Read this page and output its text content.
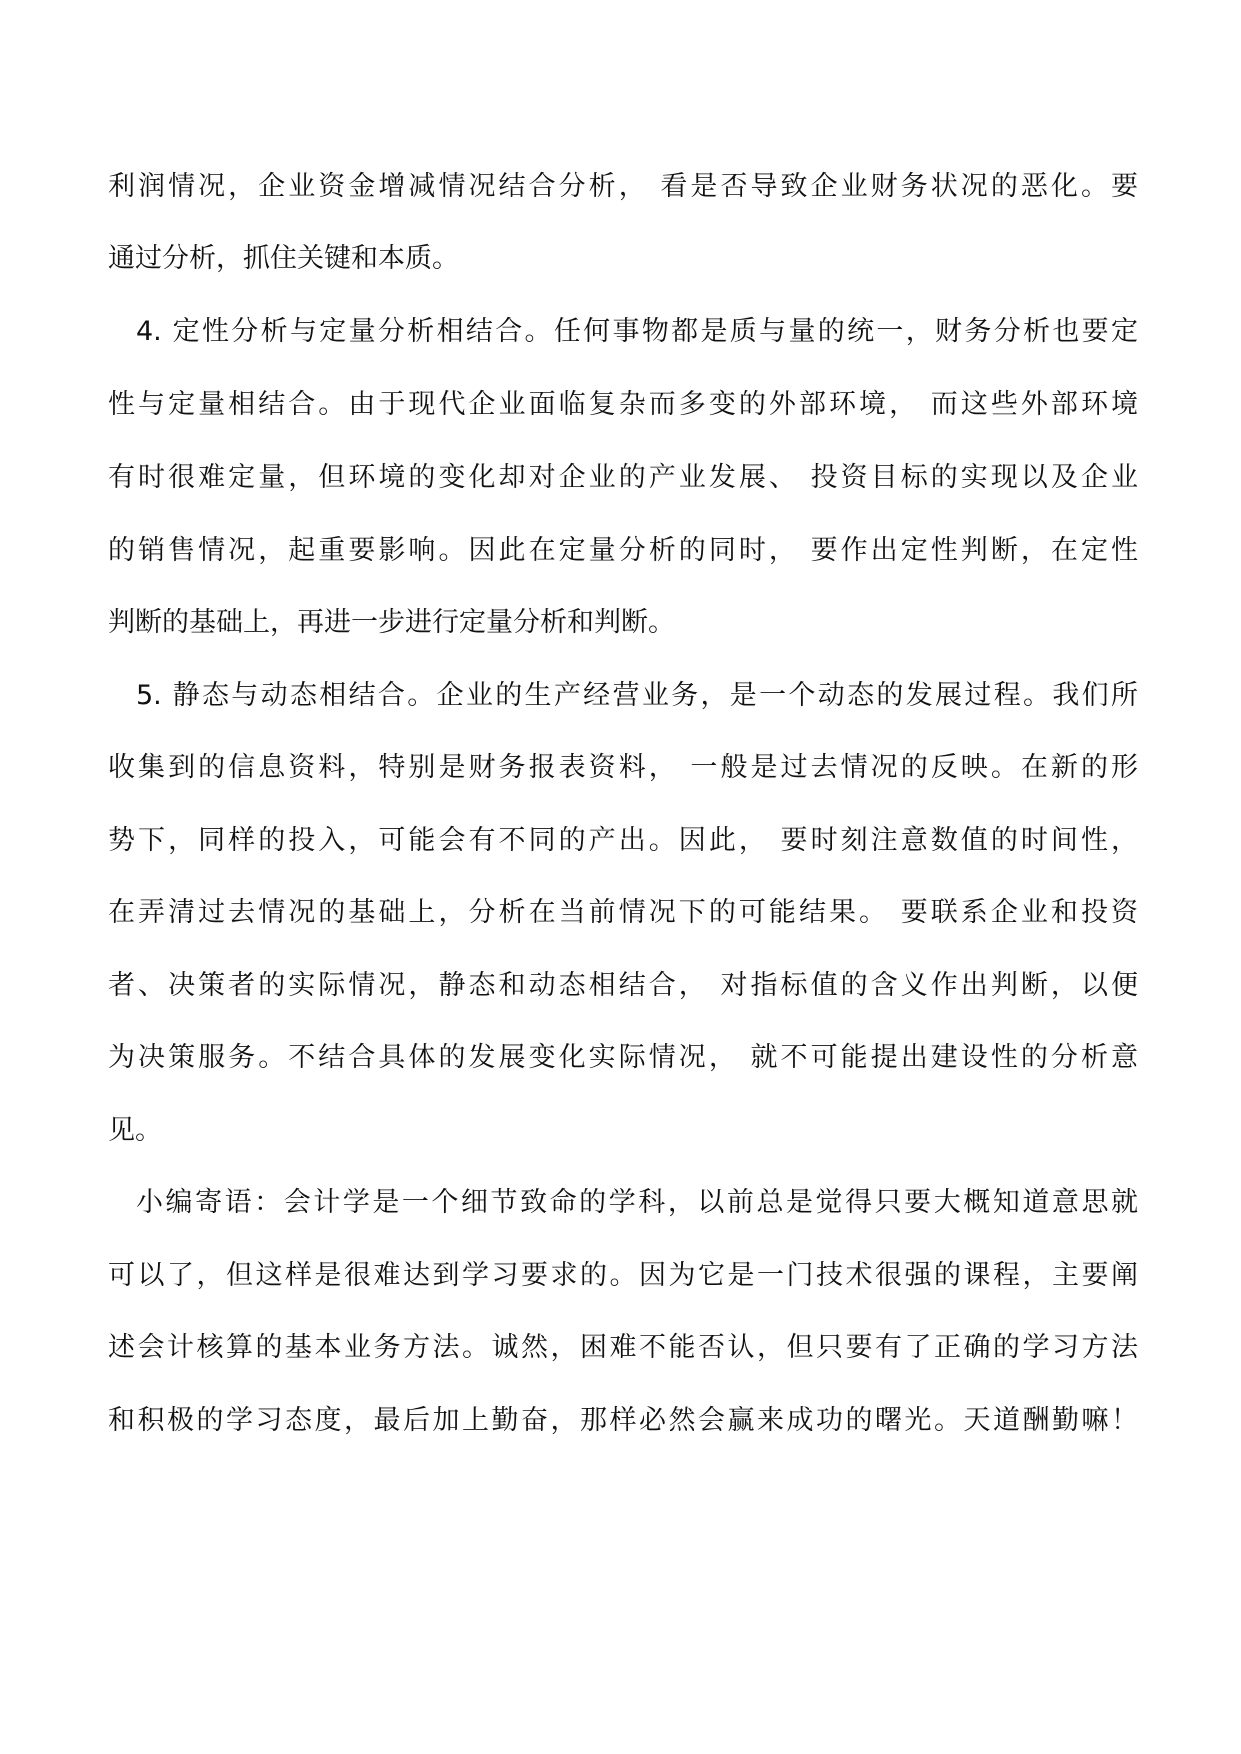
利润情况，企业资金增减情况结合分析， 看是否导致企业财务状况的恶化。要
通过分析，抓住关键和本质。
4. 定性分析与定量分析相结合。任何事物都是质与量的统一，财务分析也要定
性与定量相结合。由于现代企业面临复杂而多变的外部环境， 而这些外部环境
有时很难定量，但环境的变化却对企业的产业发展、 投资目标的实现以及企业
的销售情况，起重要影响。因此在定量分析的同时， 要作出定性判断，在定性
判断的基础上，再进一步进行定量分析和判断。
5. 静态与动态相结合。企业的生产经营业务，是一个动态的发展过程。我们所
收集到的信息资料，特别是财务报表资料， 一般是过去情况的反映。在新的形
势下，同样的投入，可能会有不同的产出。因此， 要时刻注意数值的时间性，
在弄清过去情况的基础上，分析在当前情况下的可能结果。 要联系企业和投资
者、决策者的实际情况，静态和动态相结合， 对指标值的含义作出判断，以便
为决策服务。不结合具体的发展变化实际情况， 就不可能提出建设性的分析意
见。
小编寄语：会计学是一个细节致命的学科，以前总是觉得只要大概知道意思就
可以了，但这样是很难达到学习要求的。因为它是一门技术很强的课程，主要阐
述会计核算的基本业务方法。诚然，困难不能否认，但只要有了正确的学习方法
和积极的学习态度，最后加上勤奋，那样必然会赢来成功的曙光。天道酬勤嘛！
